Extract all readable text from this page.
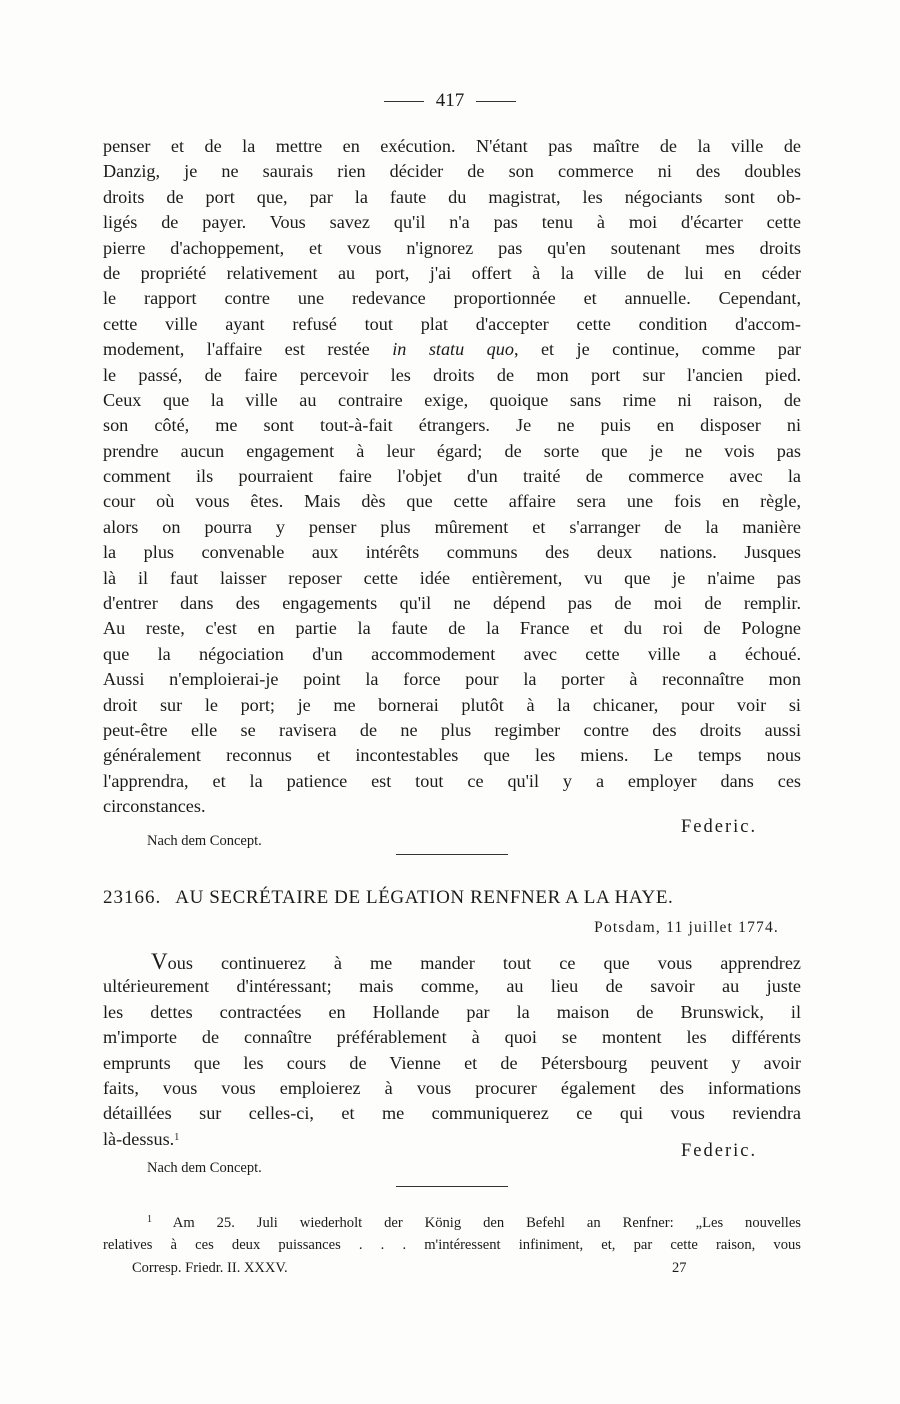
417
penser et de la mettre en exécution. N'étant pas maître de la ville de
Danzig, je ne saurais rien décider de son commerce ni des doubles
droits de port que, par la faute du magistrat, les négociants sont ob-
ligés de payer. Vous savez qu'il n'a pas tenu à moi d'écarter cette
pierre d'achoppement, et vous n'ignorez pas qu'en soutenant mes droits
de propriété relativement au port, j'ai offert à la ville de lui en céder
le rapport contre une redevance proportionnée et annuelle. Cependant,
cette ville ayant refusé tout plat d'accepter cette condition d'accom-
modement, l'affaire est restée in statu quo, et je continue, comme par
le passé, de faire percevoir les droits de mon port sur l'ancien pied.
Ceux que la ville au contraire exige, quoique sans rime ni raison, de
son côté, me sont tout-à-fait étrangers. Je ne puis en disposer ni
prendre aucun engagement à leur égard; de sorte que je ne vois pas
comment ils pourraient faire l'objet d'un traité de commerce avec la
cour où vous êtes. Mais dès que cette affaire sera une fois en règle,
alors on pourra y penser plus mûrement et s'arranger de la manière
la plus convenable aux intérêts communs des deux nations. Jusques
là il faut laisser reposer cette idée entièrement, vu que je n'aime pas
d'entrer dans des engagements qu'il ne dépend pas de moi de remplir.
Au reste, c'est en partie la faute de la France et du roi de Pologne
que la négociation d'un accommodement avec cette ville a échoué.
Aussi n'emploierai-je point la force pour la porter à reconnaître mon
droit sur le port; je me bornerai plutôt à la chicaner, pour voir si
peut-être elle se ravisera de ne plus regimber contre des droits aussi
généralement reconnus et incontestables que les miens. Le temps nous
l'apprendra, et la patience est tout ce qu'il y a employer dans ces
circonstances.
Federic.
Nach dem Concept.
23166. AU SECRÉTAIRE DE LÉGATION RENFNER A LA HAYE.
Potsdam, 11 juillet 1774.
Vous continuerez à me mander tout ce que vous apprendrez
ultérieurement d'intéressant; mais comme, au lieu de savoir au juste
les dettes contractées en Hollande par la maison de Brunswick, il
m'importe de connaître préférablement à quoi se montent les différents
emprunts que les cours de Vienne et de Pétersbourg peuvent y avoir
faits, vous vous emploierez à vous procurer également des informations
détaillées sur celles-ci, et me communiquerez ce qui vous reviendra
là-dessus.$^1$
Federic.
Nach dem Concept.
$^1$ Am 25. Juli wiederholt der König den Befehl an Renfner: „Les nouvelles
relatives à ces deux puissances . . . m'intéressent infiniment, et, par cette raison, vous
Corresp. Friedr. II. XXXV.	27
